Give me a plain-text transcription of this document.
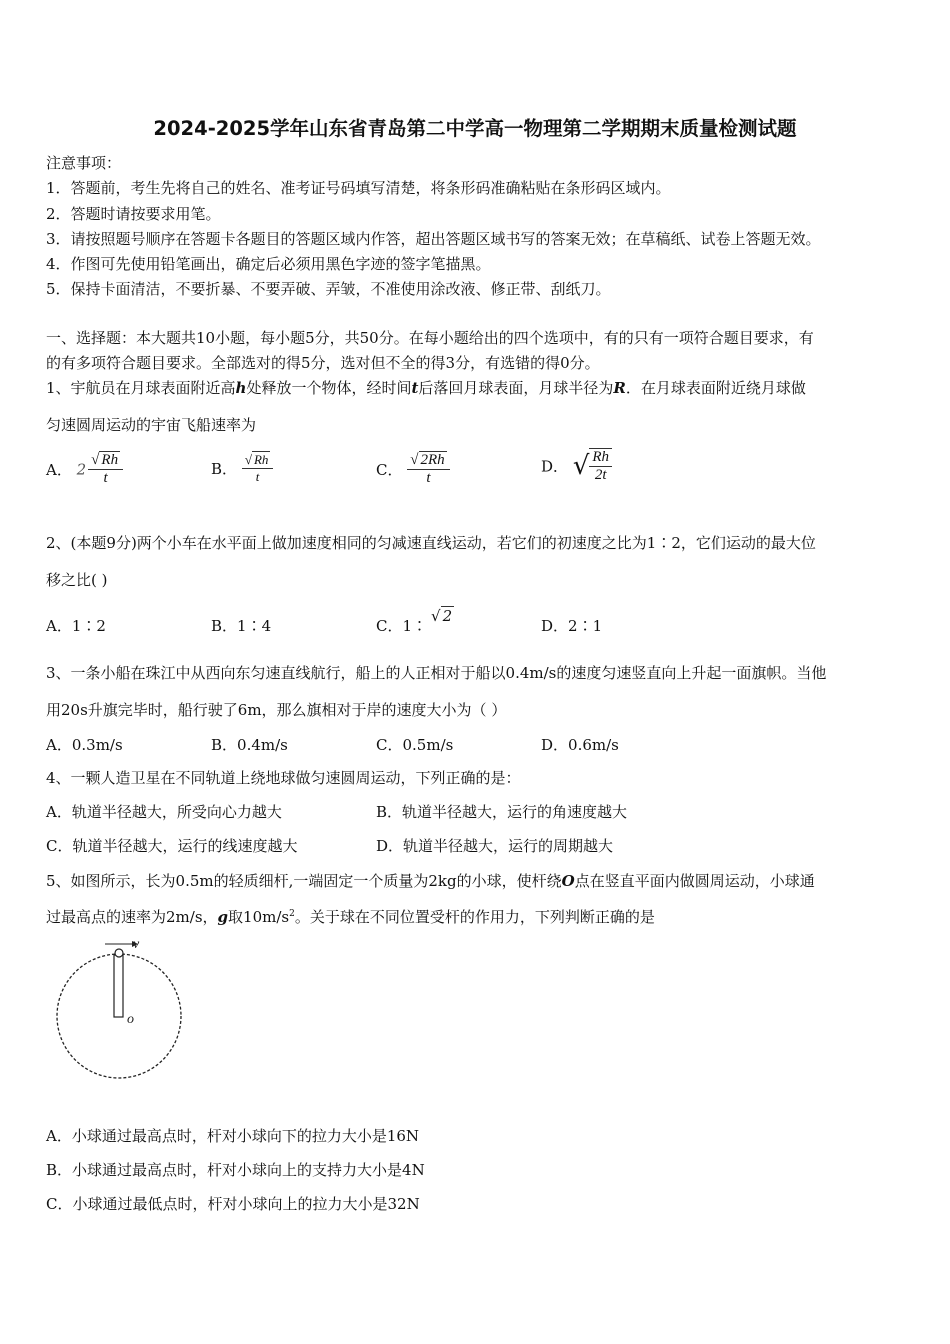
2024-2025学年山东省青岛第二中学高一物理第二学期期末质量检测试题
注意事项：
1．答题前，考生先将自己的姓名、准考证号码填写清楚，将条形码准确粘贴在条形码区域内。
2．答题时请按要求用笔。
3．请按照题号顺序在答题卡各题目的答题区域内作答，超出答题区域书写的答案无效；在草稿纸、试卷上答题无效。
4．作图可先使用铅笔画出，确定后必须用黑色字迹的签字笔描黑。
5．保持卡面清洁，不要折暴、不要弄破、弄皱，不准使用涂改液、修正带、刮纸刀。
一、选择题：本大题共10小题，每小题5分，共50分。在每小题给出的四个选项中，有的只有一项符合题目要求，有
的有多项符合题目要求。全部选对的得5分，选对但不全的得3分，有选错的得0分。
1、宇航员在月球表面附近高h处释放一个物体，经时间t后落回月球表面，月球半径为R．在月球表面附近绕月球做
匀速圆周运动的宇宙飞船速率为
A． $2 \frac{√ Rh}{t}$	B． $\frac{√ Rh}{t}$	C． $\frac{√ 2Rh}{t}$	D． √ $\frac{Rh}{2t}$
2、(本题9分)两个小车在水平面上做加速度相同的匀减速直线运动，若它们的初速度之比为1∶2，它们运动的最大位
移之比( )
A．1∶2	B．1∶4	C．1∶√ 2
D．2∶1
3、一条小船在珠江中从西向东匀速直线航行，船上的人正相对于船以0.4m/s的速度匀速竖直向上升起一面旗帜。当他
用20s升旗完毕时，船行驶了6m，那么旗相对于岸的速度大小为（ ）
A．0.3m/s	B．0.4m/s	C．0.5m/s	D．0.6m/s
4、一颗人造卫星在不同轨道上绕地球做匀速圆周运动，下列正确的是：
A．轨道半径越大，所受向心力越大	B．轨道半径越大，运行的角速度越大
C．轨道半径越大，运行的线速度越大	D．轨道半径越大，运行的周期越大
5、如图所示，长为0.5m的轻质细杆,一端固定一个质量为2kg的小球，使杆绕O点在竖直平面内做圆周运动，小球通
过最高点的速率为2m/s，g取$10m/s^2$。关于球在不同位置受杆的作用力，下列判断正确的是
v
o
A．小球通过最高点时，杆对小球向下的拉力大小是16N
B．小球通过最高点时，杆对小球向上的支持力大小是4N
C．小球通过最低点时，杆对小球向上的拉力大小是32N
